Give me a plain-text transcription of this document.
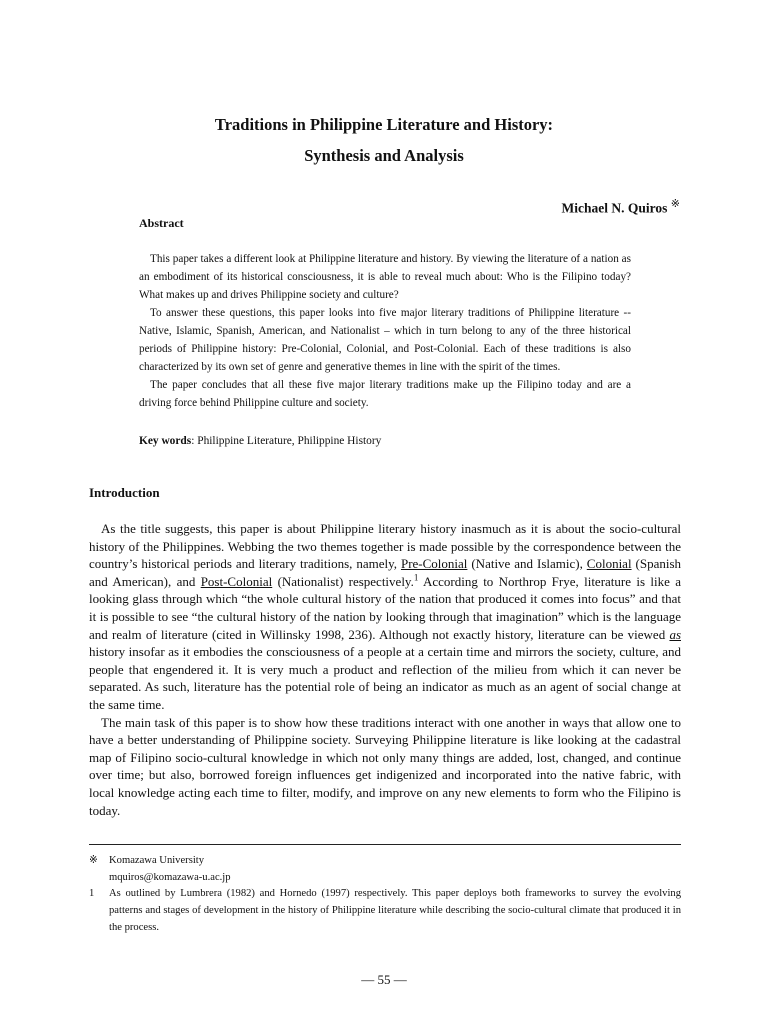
Traditions in Philippine Literature and History:
Synthesis and Analysis
Michael N. Quiros ※
Abstract

This paper takes a different look at Philippine literature and history. By viewing the literature of a nation as an embodiment of its historical consciousness, it is able to reveal much about: Who is the Filipino today? What makes up and drives Philippine society and culture?

To answer these questions, this paper looks into five major literary traditions of Philippine literature -- Native, Islamic, Spanish, American, and Nationalist – which in turn belong to any of the three historical periods of Philippine history: Pre-Colonial, Colonial, and Post-Colonial. Each of these traditions is also characterized by its own set of genre and generative themes in line with the spirit of the times.

The paper concludes that all these five major literary traditions make up the Filipino today and are a driving force behind Philippine culture and society.

Key words: Philippine Literature, Philippine History
Introduction

As the title suggests, this paper is about Philippine literary history inasmuch as it is about the socio-cultural history of the Philippines. Webbing the two themes together is made possible by the correspondence between the country’s historical periods and literary traditions, namely, Pre-Colonial (Native and Islamic), Colonial (Spanish and American), and Post-Colonial (Nationalist) respectively.$^1$ According to Northrop Frye, literature is like a looking glass through which “the whole cultural history of the nation that produced it comes into focus” and that it is possible to see “the cultural history of the nation by looking through that imagination” which is the language and realm of literature (cited in Willinsky 1998, 236). Although not exactly history, literature can be viewed as history insofar as it embodies the consciousness of a people at a certain time and mirrors the society, culture, and people that engendered it. It is very much a product and reflection of the milieu from which it can never be separated. As such, literature has the potential role of being an indicator as much as an agent of social change at the same time.

The main task of this paper is to show how these traditions interact with one another in ways that allow one to have a better understanding of Philippine society. Surveying Philippine literature is like looking at the cadastral map of Filipino socio-cultural knowledge in which not only many things are added, lost, changed, and continue over time; but also, borrowed foreign influences get indigenized and incorporated into the native fabric, with local knowledge acting each time to filter, modify, and improve on any new elements to form who the Filipino is today.

※ Komazawa University
mquiros@komazawa-u.ac.jp
1 As outlined by Lumbrera (1982) and Hornedo (1997) respectively. This paper deploys both frameworks to survey the evolving patterns and stages of development in the history of Philippine literature while describing the socio-cultural climate that produced it in the process.
— 55 —
